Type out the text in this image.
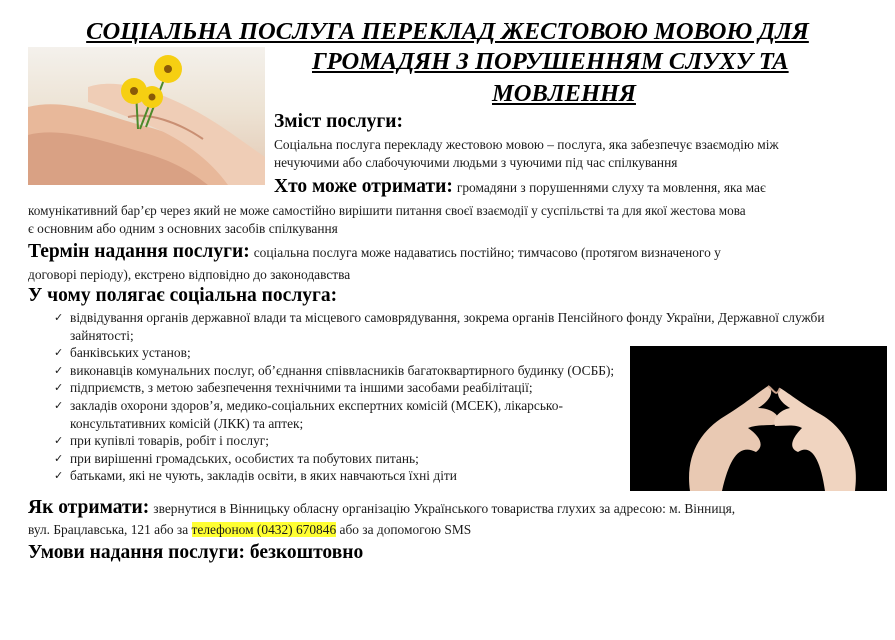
СОЦІАЛЬНА ПОСЛУГА ПЕРЕКЛАД ЖЕСТОВОЮ МОВОЮ ДЛЯ
ГРОМАДЯН З ПОРУШЕННЯМ СЛУХУ ТА
МОВЛЕННЯ
Зміст послуги:
Соціальна послуга перекладу жестовою мовою – послуга, яка забезпечує взаємодію між
нечуючими або слабочуючими людьми з чуючими під час спілкування
Хто може отримати: громадяни з порушеннями слуху та мовлення, яка має
комунікативний бар’єр через який не може самостійно вирішити питання своєї взаємодії у суспільстві та для якої жестова мова
є основним або одним з основних засобів спілкування
Термін надання послуги: соціальна послуга може надаватись постійно; тимчасово (протягом визначеного у
договорі періоду), екстрено відповідно до законодавства
У чому полягає соціальна послуга:
✓ відвідування органів державної влади та місцевого самоврядування, зокрема органів Пенсійного фонду України, Державної служби зайнятості;
✓ банківських установ;
✓ виконавців комунальних послуг, об’єднання співвласників багатоквартирного будинку (ОСББ);
✓ підприємств, з метою забезпечення технічними та іншими засобами реабілітації;
✓ закладів охорони здоров’я, медико-соціальних експертних комісій (МСЕК), лікарсько-консультативних комісій (ЛКК) та аптек;
✓ при купівлі товарів, робіт і послуг;
✓ при вирішенні громадських, особистих та побутових питань;
✓ батьками, які не чують, закладів освіти, в яких навчаються їхні діти
Як отримати: звернутися в Вінницьку обласну організацію Українського товариства глухих за адресою: м. Вінниця,
вул. Брацлавська, 121 або за телефоном (0432) 670846 або за допомогою SMS
Умови надання послуги: безкоштовно
